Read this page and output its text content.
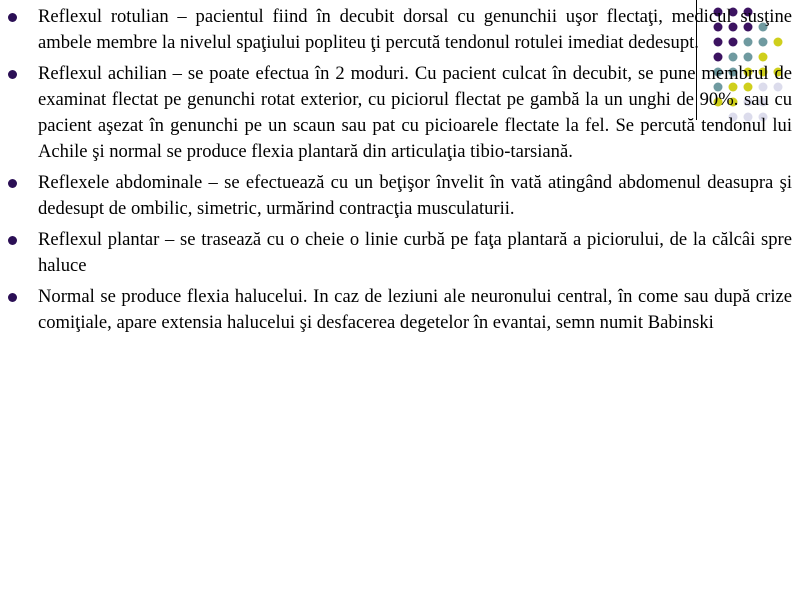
Reflexul rotulian – pacientul fiind în decubit dorsal cu genunchii uşor flectaţi, medicul susţine ambele membre la nivelul spaţiului popliteu ţi percută tendonul rotulei imediat dedesupt.
Reflexul achilian – se poate efectua în 2 moduri. Cu pacient culcat în decubit, se pune membrul de examinat flectat pe genunchi rotat exterior, cu piciorul flectat pe gambă la un unghi de 90%. sau cu pacient aşezat în genunchi pe un scaun sau pat cu picioarele flectate la fel. Se percută tendonul lui Achile şi normal se produce flexia plantară din articulaţia tibio-tarsiană.
Reflexele abdominale – se efectuează cu un beţişor învelit în vată atingând abdomenul deasupra şi dedesupt de ombilic, simetric, urmărind contracţia musculaturii.
Reflexul plantar – se trasează cu o cheie o linie curbă pe faţa plantară a piciorului, de la călcâi spre haluce
Normal se produce flexia halucelui. In caz de leziuni ale neuronului central, în come sau după crize comiţiale, apare extensia halucelui şi desfacerea degetelor în evantai, semn numit Babinski
